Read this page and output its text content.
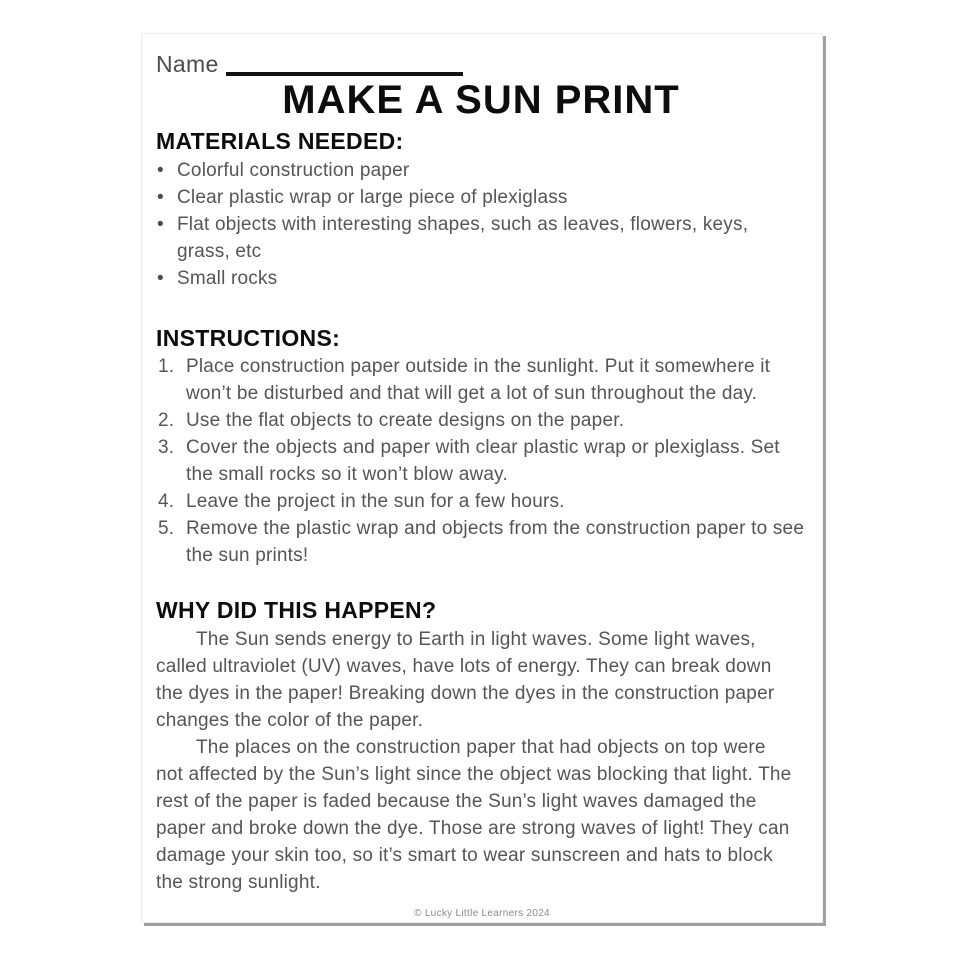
Name
MAKE A SUN PRINT
MATERIALS NEEDED:
• Colorful construction paper
• Clear plastic wrap or large piece of plexiglass
• Flat objects with interesting shapes, such as leaves, flowers, keys, grass, etc
• Small rocks
INSTRUCTIONS:
1. Place construction paper outside in the sunlight. Put it somewhere it won’t be disturbed and that will get a lot of sun throughout the day.
2. Use the flat objects to create designs on the paper.
3. Cover the objects and paper with clear plastic wrap or plexiglass. Set the small rocks so it won’t blow away.
4. Leave the project in the sun for a few hours.
5. Remove the plastic wrap and objects from the construction paper to see the sun prints!
WHY DID THIS HAPPEN?

The Sun sends energy to Earth in light waves. Some light waves, called ultraviolet (UV) waves, have lots of energy. They can break down the dyes in the paper! Breaking down the dyes in the construction paper changes the color of the paper.

The places on the construction paper that had objects on top were not affected by the Sun’s light since the object was blocking that light. The rest of the paper is faded because the Sun’s light waves damaged the paper and broke down the dye. Those are strong waves of light! They can damage your skin too, so it’s smart to wear sunscreen and hats to block the strong sunlight.

© Lucky Little Learners 2024
